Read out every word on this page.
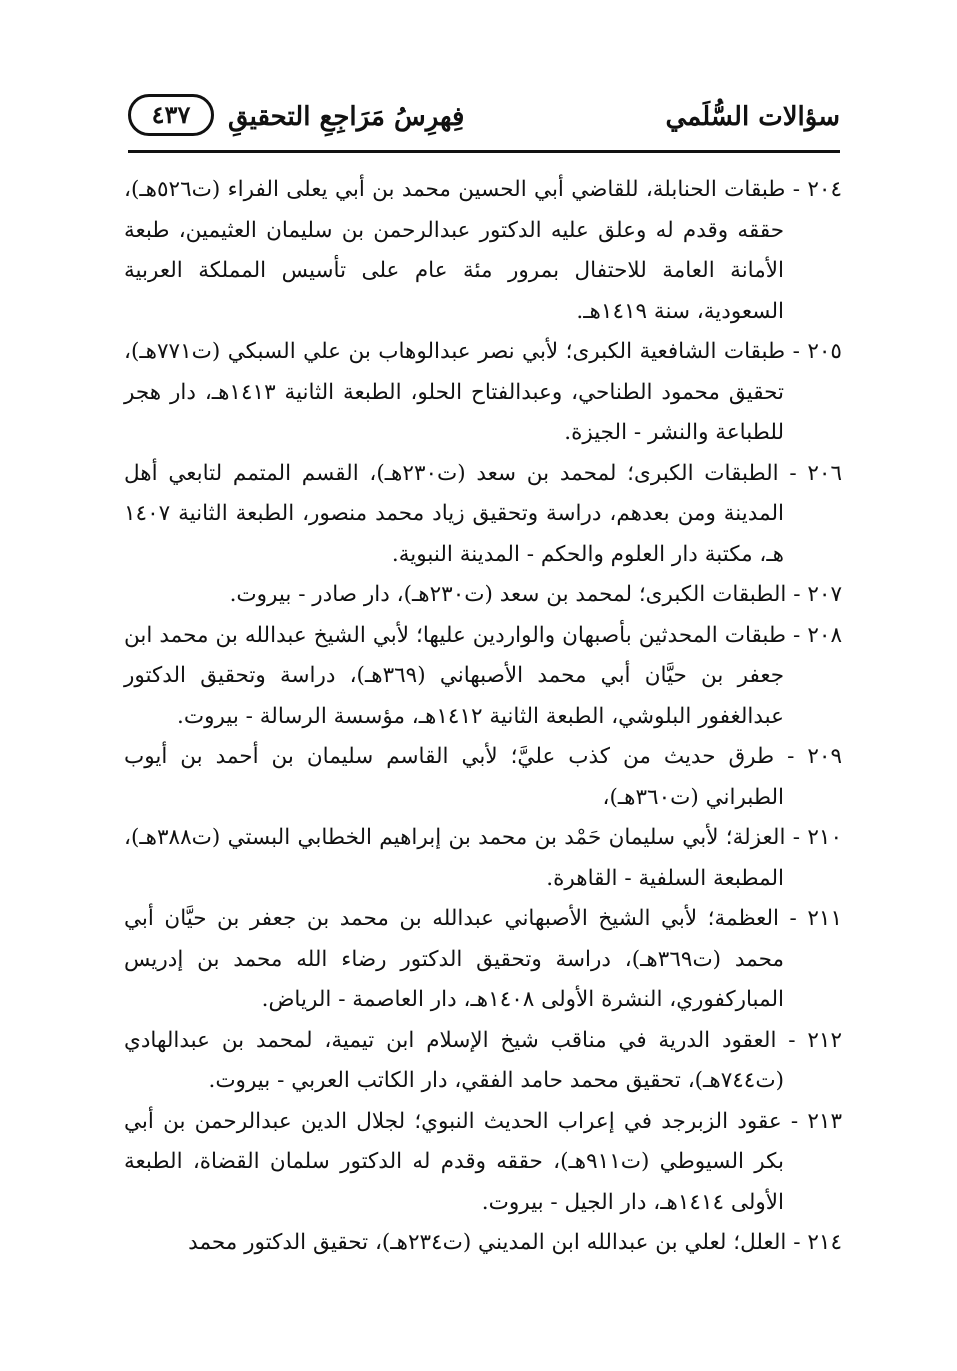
سؤالات السُّلَمي
فِهرِسُ مَرَاجِعِ التحقيقِ
٤٣٧

٢٠٤ - طبقات الحنابلة، للقاضي أبي الحسين محمد بن أبي يعلى الفراء (ت٥٢٦هـ)، حققه وقدم له وعلق عليه الدكتور عبدالرحمن بن سليمان العثيمين، طبعة الأمانة العامة للاحتفال بمرور مئة عام على تأسيس المملكة العربية السعودية، سنة ١٤١٩هـ.

٢٠٥ - طبقات الشافعية الكبرى؛ لأبي نصر عبدالوهاب بن علي السبكي (ت٧٧١هـ)، تحقيق محمود الطناحي، وعبدالفتاح الحلو، الطبعة الثانية ١٤١٣هـ، دار هجر للطباعة والنشر - الجيزة.

٢٠٦ - الطبقات الكبرى؛ لمحمد بن سعد (ت٢٣٠هـ)، القسم المتمم لتابعي أهل المدينة ومن بعدهم، دراسة وتحقيق زياد محمد منصور، الطبعة الثانية ١٤٠٧ هـ، مكتبة دار العلوم والحكم - المدينة النبوية.

٢٠٧ - الطبقات الكبرى؛ لمحمد بن سعد (ت٢٣٠هـ)، دار صادر - بيروت.

٢٠٨ - طبقات المحدثين بأصبهان والواردين عليها؛ لأبي الشيخ عبدالله بن محمد ابن جعفر بن حيَّان أبي محمد الأصبهاني (٣٦٩هـ)، دراسة وتحقيق الدكتور عبدالغفور البلوشي، الطبعة الثانية ١٤١٢هـ، مؤسسة الرسالة - بيروت.

٢٠٩ - طرق حديث من كذب عليَّ؛ لأبي القاسم سليمان بن أحمد بن أيوب الطبراني (ت٣٦٠هـ)،

٢١٠ - العزلة؛ لأبي سليمان حَمْد بن محمد بن إبراهيم الخطابي البستي (ت٣٨٨هـ)، المطبعة السلفية - القاهرة.

٢١١ - العظمة؛ لأبي الشيخ الأصبهاني عبدالله بن محمد بن جعفر بن حيَّان أبي محمد (ت٣٦٩هـ)، دراسة وتحقيق الدكتور رضاء الله محمد بن إدريس المباركفوري، النشرة الأولى ١٤٠٨هـ، دار العاصمة - الرياض.

٢١٢ - العقود الدرية في مناقب شيخ الإسلام ابن تيمية، لمحمد بن عبدالهادي (ت٧٤٤هـ)، تحقيق محمد حامد الفقي، دار الكاتب العربي - بيروت.

٢١٣ - عقود الزبرجد في إعراب الحديث النبوي؛ لجلال الدين عبدالرحمن بن أبي بكر السيوطي (ت٩١١هـ)، حققه وقدم له الدكتور سلمان القضاة، الطبعة الأولى ١٤١٤هـ، دار الجيل - بيروت.

٢١٤ - العلل؛ لعلي بن عبدالله ابن المديني (ت٢٣٤هـ)، تحقيق الدكتور محمد
